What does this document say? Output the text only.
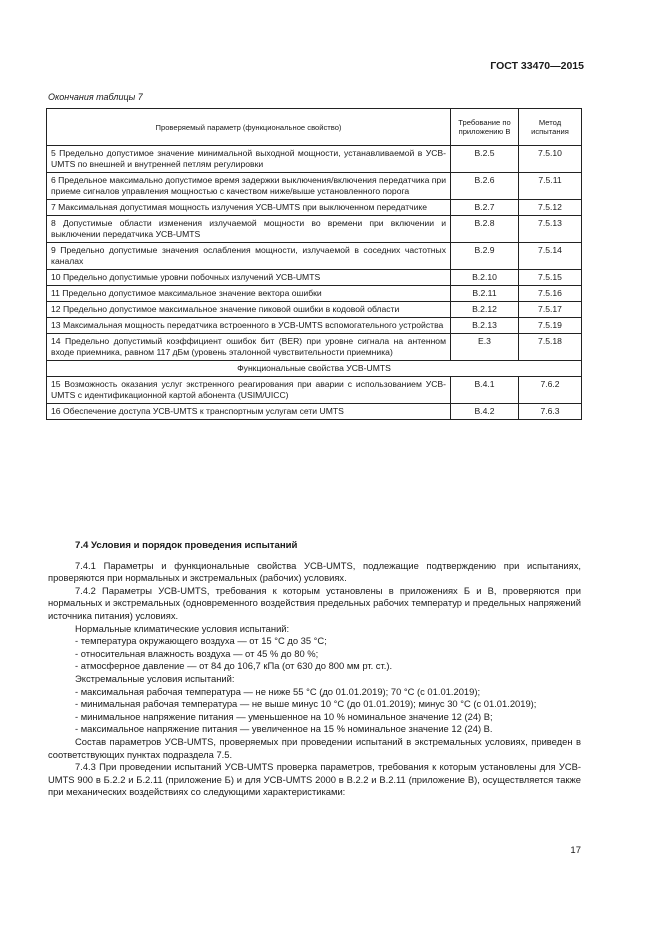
ГОСТ 33470—2015
Окончания таблицы 7
Проверяемый параметр (функциональное свойство)	Требование по приложению В	Метод испытания
5 Предельно допустимое значение минимальной выходной мощности, устанавливаемой в УСВ-UMTS по внешней и внутренней петлям регулировки	B.2.5	7.5.10
6 Предельное максимально допустимое время задержки выключения/включения передатчика при приеме сигналов управления мощностью с качеством ниже/выше установленного порога	B.2.6	7.5.11
7 Максимальная допустимая мощность излучения УСВ-UMTS при выключенном передатчике	B.2.7	7.5.12
8 Допустимые области изменения излучаемой мощности во времени при включении и выключении передатчика УСВ-UMTS	B.2.8	7.5.13
9 Предельно допустимые значения ослабления мощности, излучаемой в соседних частотных каналах	B.2.9	7.5.14
10 Предельно допустимые уровни побочных излучений УСВ-UMTS	B.2.10	7.5.15
11 Предельно допустимое максимальное значение вектора ошибки	B.2.11	7.5.16
12 Предельно допустимое максимальное значение пиковой ошибки в кодовой области	B.2.12	7.5.17
13 Максимальная мощность передатчика встроенного в УСВ-UMTS вспомогательного устройства	B.2.13	7.5.19
14 Предельно допустимый коэффициент ошибок бит (BER) при уровне сигнала на антенном входе приемника, равном 117 дБм (уровень эталонной чувствительности приемника)	Е.3	7.5.18
Функциональные свойства УСВ-UMTS		
15 Возможность оказания услуг экстренного реагирования при аварии с использованием УСВ-UMTS с идентификационной картой абонента (USIM/UICC)	В.4.1	7.6.2
16 Обеспечение доступа УСВ-UMTS к транспортным услугам сети UMTS	В.4.2	7.6.3
7.4 Условия и порядок проведения испытаний

7.4.1 Параметры и функциональные свойства УСВ-UMTS, подлежащие подтверждению при испытаниях, проверяются при нормальных и экстремальных (рабочих) условиях.

7.4.2 Параметры УСВ-UMTS, требования к которым установлены в приложениях Б и В, проверяются при нормальных и экстремальных (одновременного воздействия предельных рабочих температур и предельных напряжений источника питания) условиях.

Нормальные климатические условия испытаний:

- температура окружающего воздуха — от 15 °С до 35 °С;

- относительная влажность воздуха — от 45 % до 80 %;

- атмосферное давление — от 84 до 106,7 кПа (от 630 до 800 мм рт. ст.).

Экстремальные условия испытаний:

- максимальная рабочая температура — не ниже 55 °С (до 01.01.2019); 70 °С (с 01.01.2019);

- минимальная рабочая температура — не выше минус 10 °С (до 01.01.2019); минус 30 °С (с 01.01.2019);

- минимальное напряжение питания — уменьшенное на 10 % номинальное значение 12 (24) В;

- максимальное напряжение питания — увеличенное на 15 % номинальное значение 12 (24) В.

Состав параметров УСВ-UMTS, проверяемых при проведении испытаний в экстремальных условиях, приведен в соответствующих пунктах подраздела 7.5.

7.4.3 При проведении испытаний УСВ-UMTS проверка параметров, требования к которым установлены для УСВ-UMTS 900 в Б.2.2 и Б.2.11 (приложение Б) и для УСВ-UMTS 2000 в В.2.2 и В.2.11 (приложение В), осуществляется также при механических воздействиях со следующими характеристиками:

17
